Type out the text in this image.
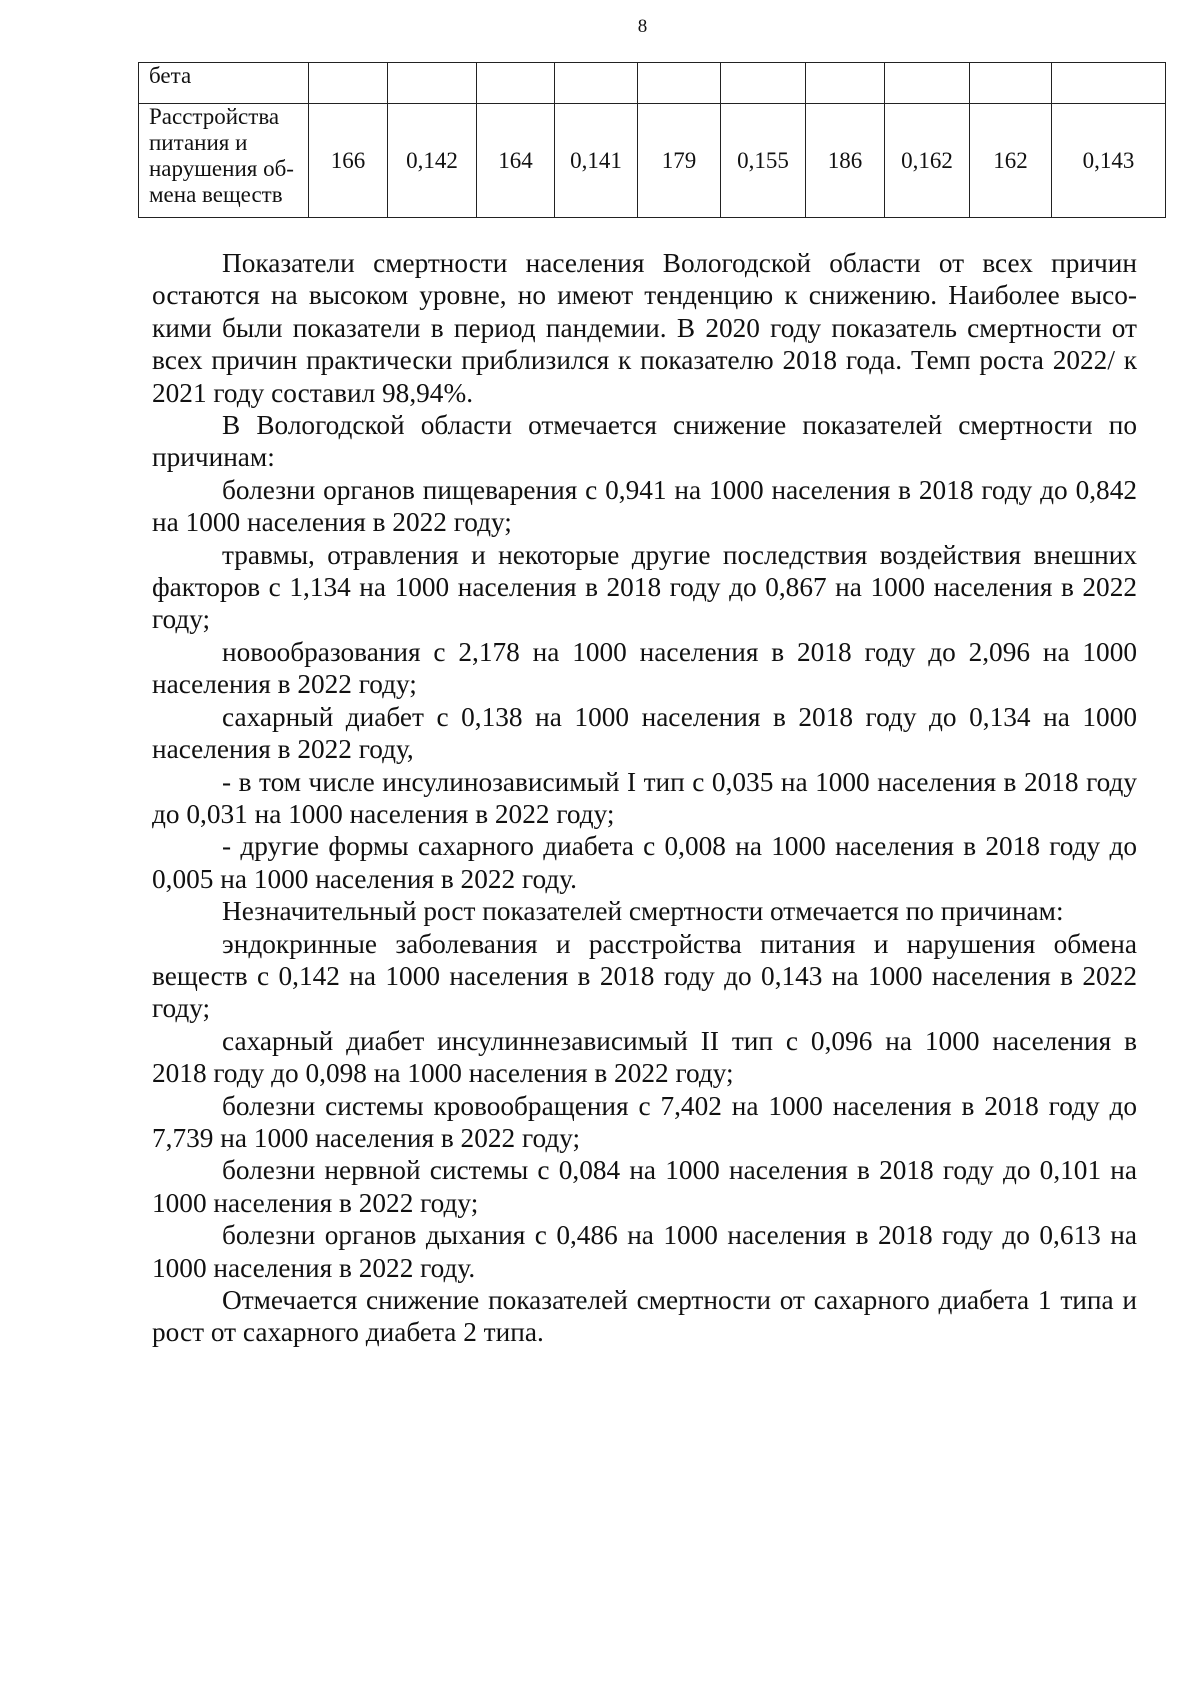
8
бета										
Расстройства питания и нарушения об-мена веществ	166	0,142	164	0,141	179	0,155	186	0,162	162	0,143

Показатели смертности населения Вологодской области от всех причин остаются на высоком уровне, но имеют тенденцию к снижению. Наиболее высокими были показатели в период пандемии. В 2020 году показатель смертности от всех причин практически приблизился к показателю 2018 года. Темп роста 2022/ к 2021 году составил 98,94%.

В Вологодской области отмечается снижение показателей смертности по причинам:

болезни органов пищеварения с 0,941 на 1000 населения в 2018 году до 0,842 на 1000 населения в 2022 году;

травмы, отравления и некоторые другие последствия воздействия внешних факторов с 1,134 на 1000 населения в 2018 году до 0,867 на 1000 населения в 2022 году;

новообразования с 2,178 на 1000 населения в 2018 году до 2,096 на 1000 населения в 2022 году;

сахарный диабет с 0,138 на 1000 населения в 2018 году до 0,134 на 1000 населения в 2022 году,

- в том числе инсулинозависимый I тип с 0,035 на 1000 населения в 2018 году до 0,031 на 1000 населения в 2022 году;

- другие формы сахарного диабета с 0,008 на 1000 населения в 2018 году до 0,005 на 1000 населения в 2022 году.

Незначительный рост показателей смертности отмечается по причинам:

эндокринные заболевания и расстройства питания и нарушения обмена веществ с 0,142 на 1000 населения в 2018 году до 0,143 на 1000 населения в 2022 году;

сахарный диабет инсулиннезависимый II тип с 0,096 на 1000 населения в 2018 году до 0,098 на 1000 населения в 2022 году;

болезни системы кровообращения с 7,402 на 1000 населения в 2018 году до 7,739 на 1000 населения в 2022 году;

болезни нервной системы с 0,084 на 1000 населения в 2018 году до 0,101 на 1000 населения в 2022 году;

болезни органов дыхания с 0,486 на 1000 населения в 2018 году до 0,613 на 1000 населения в 2022 году.

Отмечается снижение показателей смертности от сахарного диабета 1 типа и рост от сахарного диабета 2 типа.
